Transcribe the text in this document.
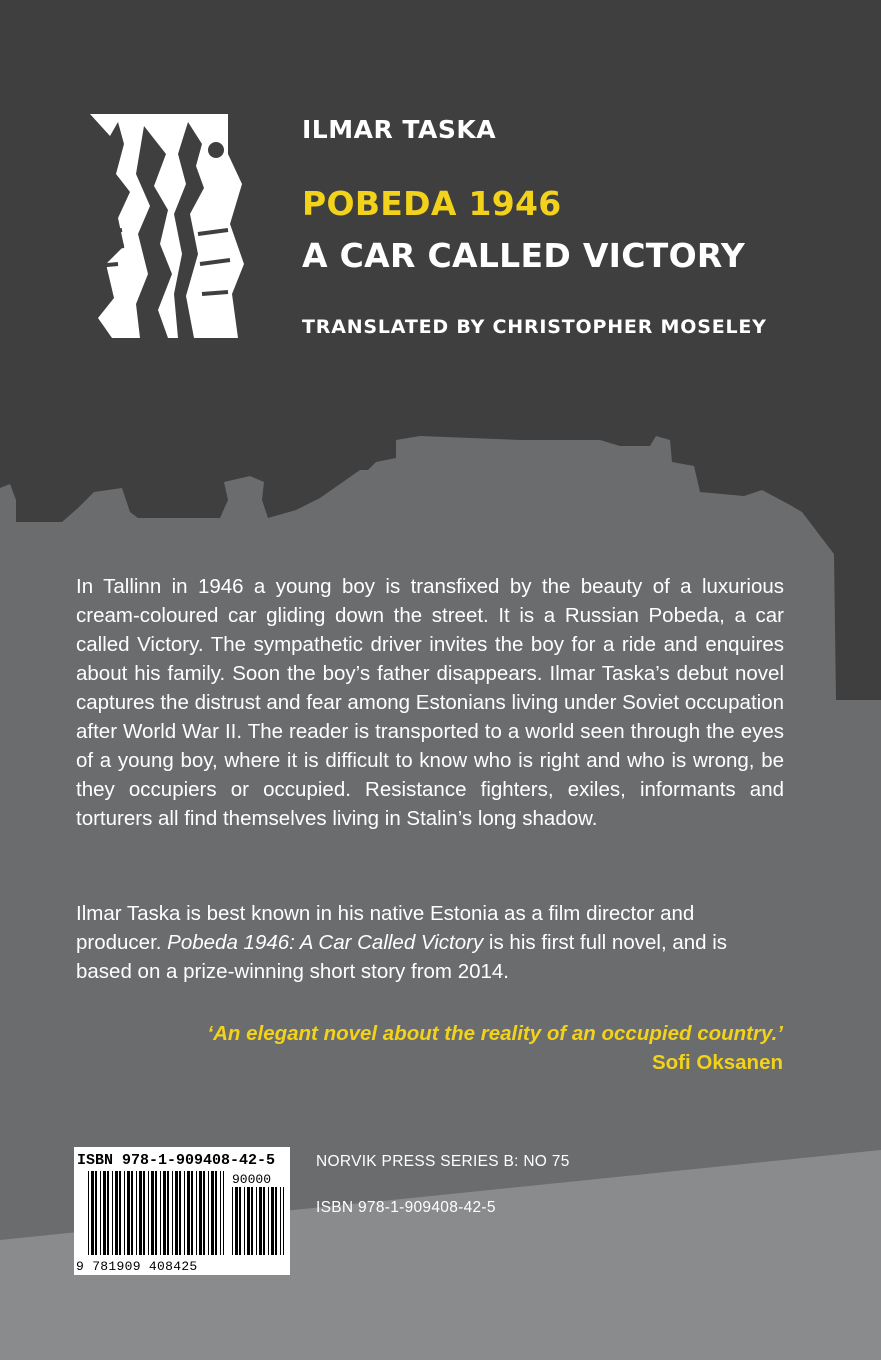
ILMAR TASKA
POBEDA 1946
A CAR CALLED VICTORY
TRANSLATED BY CHRISTOPHER MOSELEY

In Tallinn in 1946 a young boy is transfixed by the beauty of a luxurious cream-coloured car gliding down the street. It is a Russian Pobeda, a car called Victory. The sympathetic driver invites the boy for a ride and enquires about his family. Soon the boy’s father disappears. Ilmar Taska’s debut novel captures the distrust and fear among Estonians living under Soviet occupation after World War II. The reader is transported to a world seen through the eyes of a young boy, where it is difficult to know who is right and who is wrong, be they occupiers or occupied. Resistance fighters, exiles, informants and torturers all find themselves living in Stalin’s long shadow.

Ilmar Taska is best known in his native Estonia as a film director and producer. Pobeda 1946: A Car Called Victory is his first full novel, and is based on a prize-winning short story from 2014.

‘An elegant novel about the reality of an occupied country.’
Sofi Oksanen
ISBN 978-1-909408-42-5
90000
9 781909 408425
NORVIK PRESS SERIES B: NO 75
ISBN 978-1-909408-42-5
